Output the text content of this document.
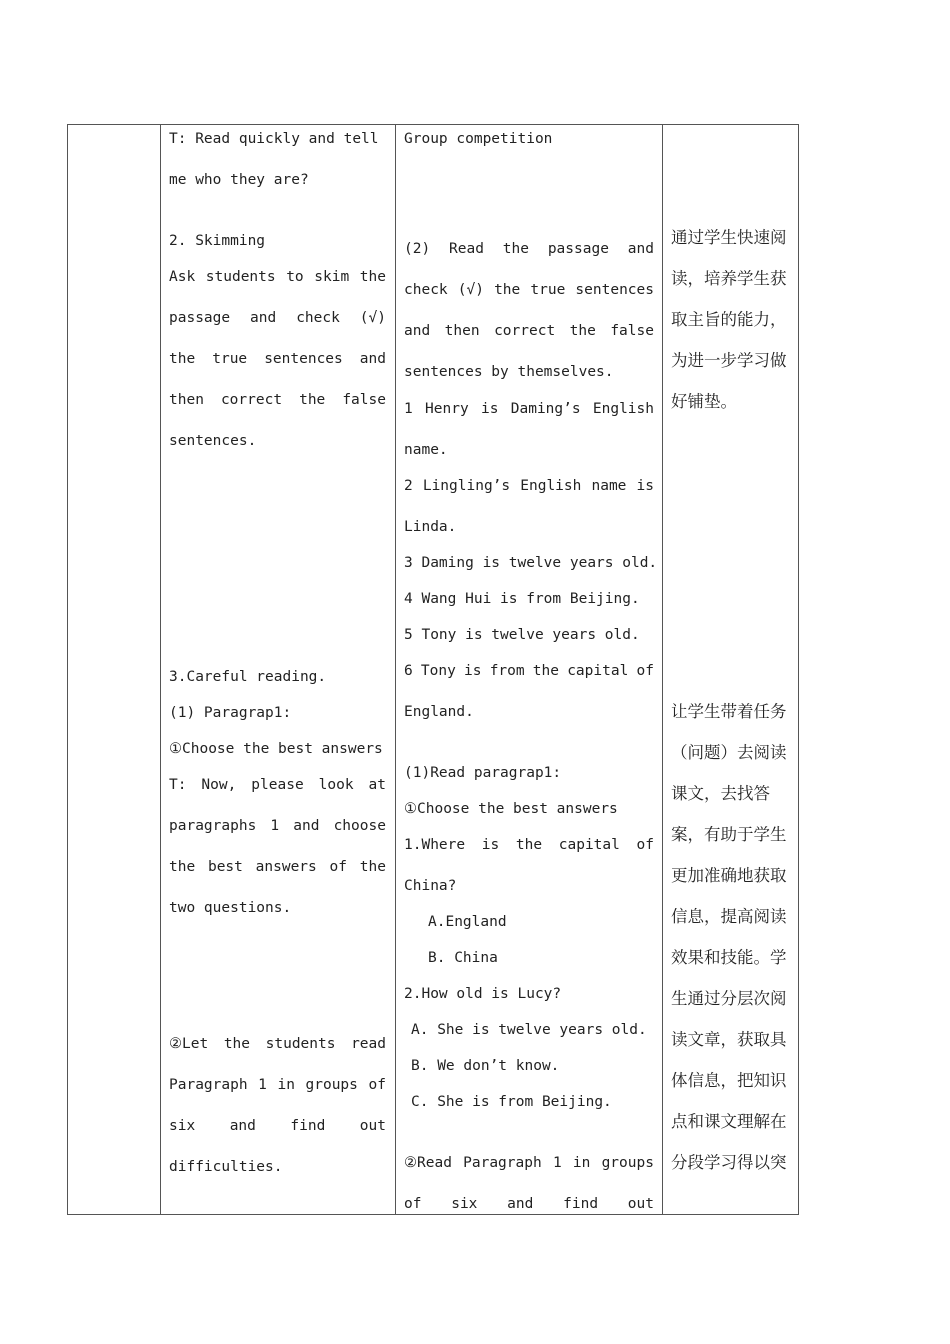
T: Read quickly and tell
me who they are?
2. Skimming
Ask students to skim the
passage and check (√)
the true sentences and
then correct the false
sentences.
3.Careful reading.
(1) Paragrap1:
①Choose the best answers
T: Now, please look at
paragraphs 1 and choose
the best answers of the
two questions.
②Let the students read
Paragraph 1 in groups of
six and find out
difficulties.
Group competition
(2) Read the passage and
check (√) the true sentences
and then correct the false
sentences by themselves.
1 Henry is Daming’s English
name.
2 Lingling’s English name is
Linda.
3 Daming is twelve years old.
4 Wang Hui is from Beijing.
5 Tony is twelve years old.
6 Tony is from the capital of
England.
(1)Read paragrap1:
①Choose the best answers
1.Where is the capital of
China?
A.England
B. China
2.How old is Lucy?
A. She is twelve years old.
B. We don’t know.
C. She is from Beijing.
②Read Paragraph 1 in groups
of six and find out
通过学生快速阅
读，培养学生获
取主旨的能力，
为进一步学习做
好铺垫。
让学生带着任务
（问题）去阅读
课文，去找答
案，有助于学生
更加准确地获取
信息，提高阅读
效果和技能。学
生通过分层次阅
读文章，获取具
体信息，把知识
点和课文理解在
分段学习得以突
